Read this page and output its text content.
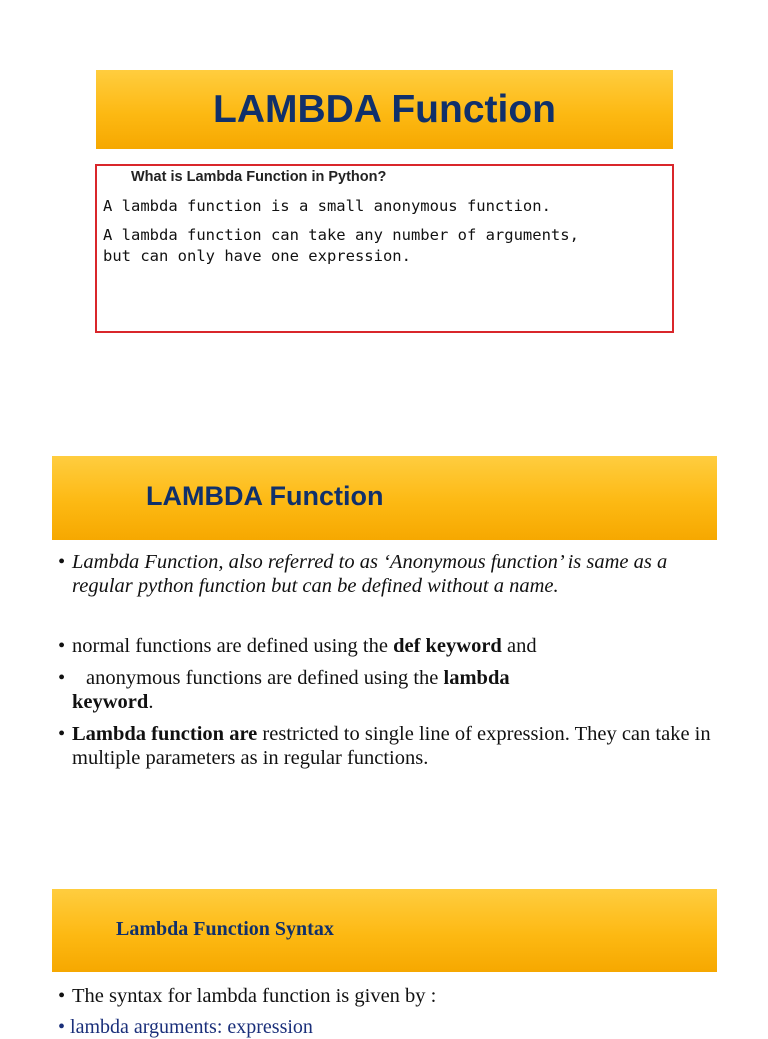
LAMBDA Function
What is Lambda Function in Python?
A lambda function is a small anonymous function.
A lambda function can take any number of arguments,
but can only have one expression.
LAMBDA Function
• Lambda Function, also referred to as ‘Anonymous function’ is same as a regular python function but can be defined without a name.
• normal functions are defined using the def keyword and
•	anonymous functions are defined using the lambda
keyword.
• Lambda function are restricted to single line of expression. They can take in multiple parameters as in regular functions.
Lambda Function Syntax
• The syntax for lambda function is given by :
• lambda arguments: expression
